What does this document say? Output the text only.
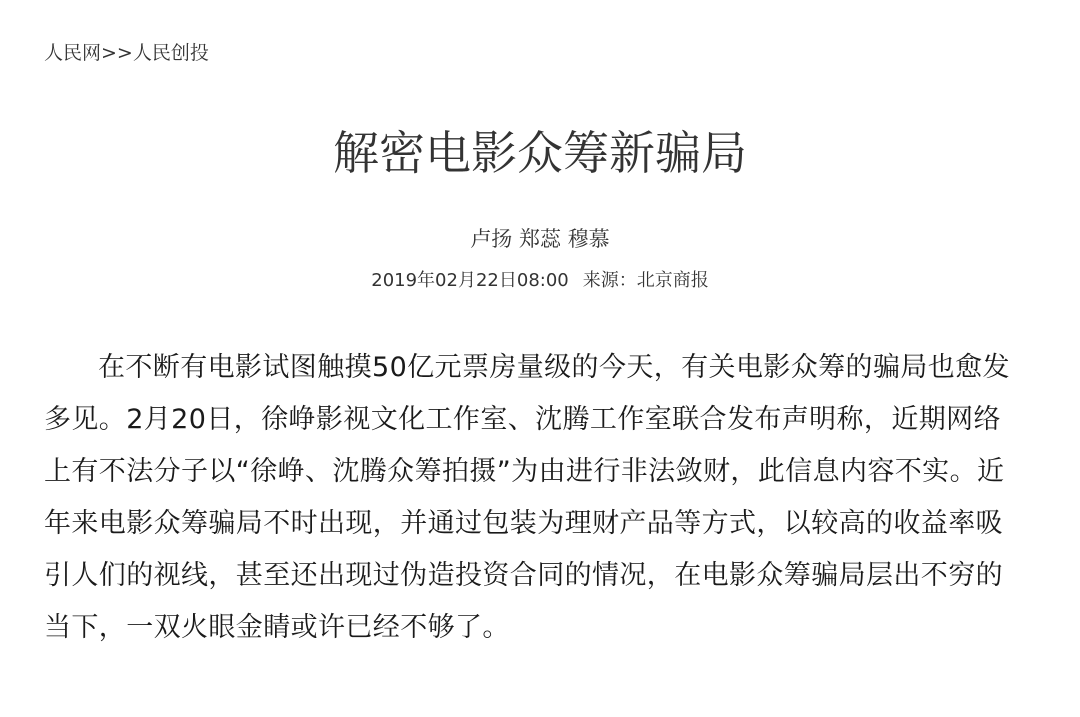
人民网>>人民创投
解密电影众筹新骗局
卢扬 郑蕊 穆慕
2019年02月22日08:00 来源：北京商报

在不断有电影试图触摸50亿元票房量级的今天，有关电影众筹的骗局也愈发多见。2月20日，徐峥影视文化工作室、沈腾工作室联合发布声明称，近期网络上有不法分子以“徐峥、沈腾众筹拍摄”为由进行非法敛财，此信息内容不实。近年来电影众筹骗局不时出现，并通过包装为理财产品等方式，以较高的收益率吸引人们的视线，甚至还出现过伪造投资合同的情况，在电影众筹骗局层出不穷的当下，一双火眼金睛或许已经不够了。
